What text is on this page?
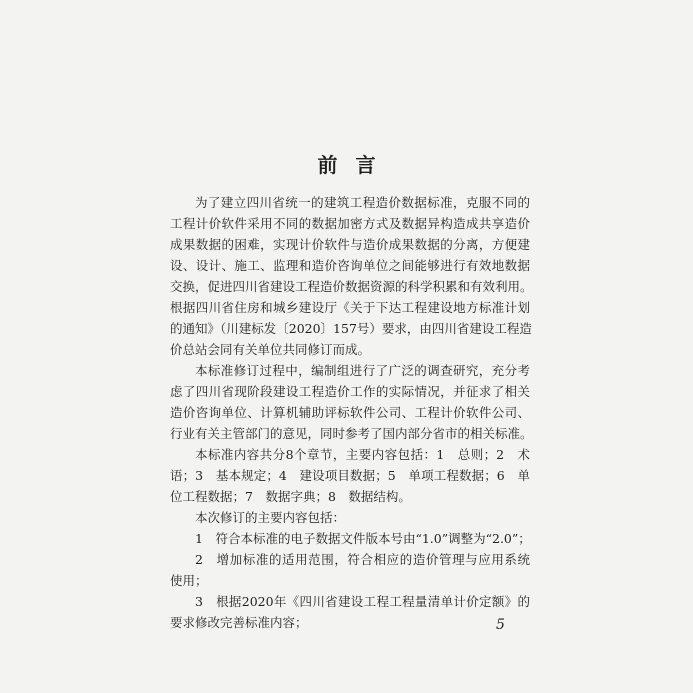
前言
为了建立四川省统一的建筑工程造价数据标准，克服不同的
工程计价软件采用不同的数据加密方式及数据异构造成共享造价
成果数据的困难，实现计价软件与造价成果数据的分离，方便建
设、设计、施工、监理和造价咨询单位之间能够进行有效地数据
交换，促进四川省建设工程造价数据资源的科学积累和有效利用。
根据四川省住房和城乡建设厅《关于下达工程建设地方标准计划
的通知》（川建标发〔2020〕157号）要求，由四川省建设工程造
价总站会同有关单位共同修订而成。
本标准修订过程中，编制组进行了广泛的调查研究，充分考
虑了四川省现阶段建设工程造价工作的实际情况，并征求了相关
造价咨询单位、计算机辅助评标软件公司、工程计价软件公司、
行业有关主管部门的意见，同时参考了国内部分省市的相关标准。
本标准内容共分8个章节，主要内容包括：1　总则；2　术
语；3　基本规定；4　建设项目数据；5　单项工程数据；6　单
位工程数据；7　数据字典；8　数据结构。
本次修订的主要内容包括：
1　符合本标准的电子数据文件版本号由“1.0”调整为“2.0”；
2　增加标准的适用范围，符合相应的造价管理与应用系统
使用；
3　根据2020年《四川省建设工程工程量清单计价定额》的
要求修改完善标准内容；	5
